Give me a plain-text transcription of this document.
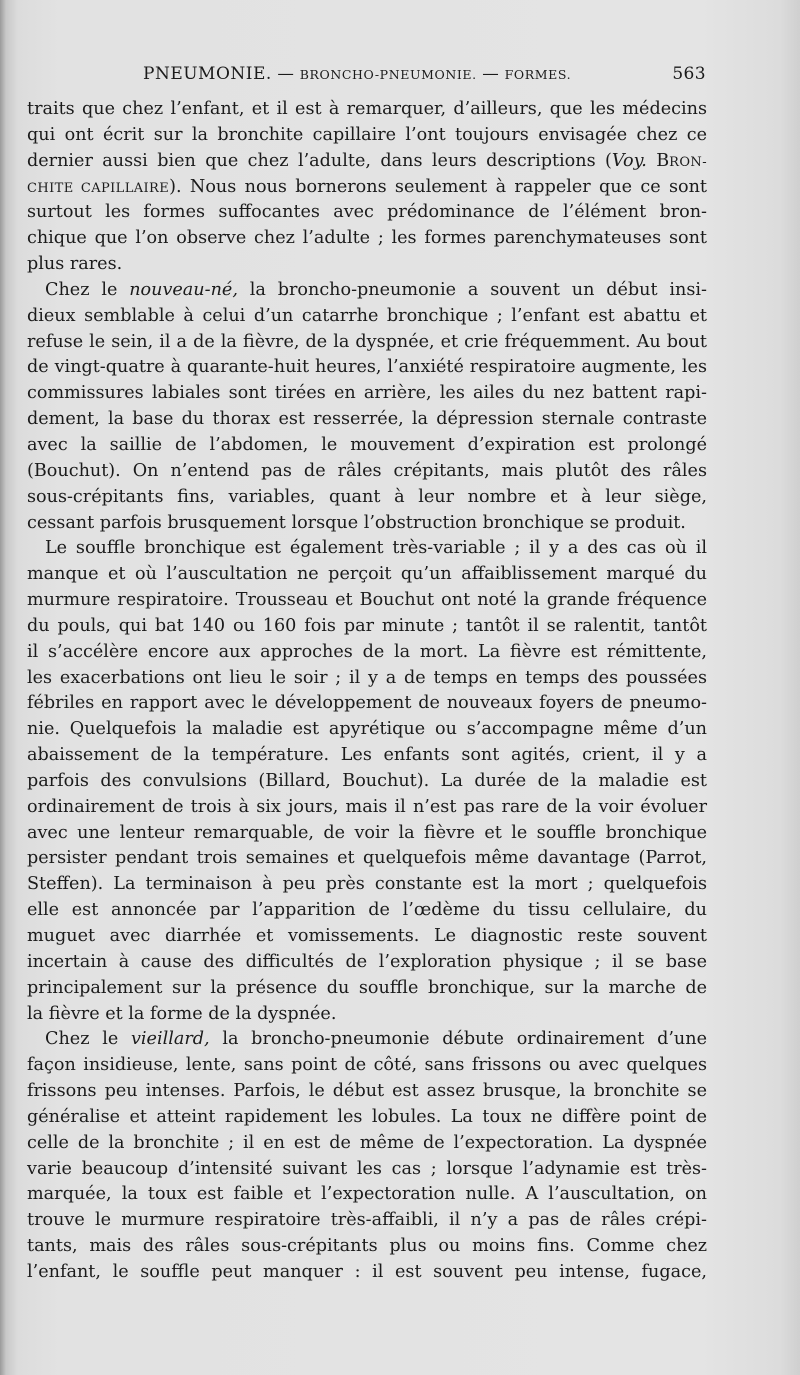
PNEUMONIE. — BRONCHO-PNEUMONIE. — FORMES.	563
traits que chez l’enfant, et il est à remarquer, d’ailleurs, que les médecins
qui ont écrit sur la bronchite capillaire l’ont toujours envisagée chez ce
dernier aussi bien que chez l’adulte, dans leurs descriptions (Voy. BRON-
CHITE CAPILLAIRE). Nous nous bornerons seulement à rappeler que ce sont
surtout les formes suffocantes avec prédominance de l’élément bron-
chique que l’on observe chez l’adulte ; les formes parenchymateuses sont
plus rares.
Chez le nouveau-né, la broncho-pneumonie a souvent un début insi-
dieux semblable à celui d’un catarrhe bronchique ; l’enfant est abattu et
refuse le sein, il a de la fièvre, de la dyspnée, et crie fréquemment. Au bout
de vingt-quatre à quarante-huit heures, l’anxiété respiratoire augmente, les
commissures labiales sont tirées en arrière, les ailes du nez battent rapi-
dement, la base du thorax est resserrée, la dépression sternale contraste
avec la saillie de l’abdomen, le mouvement d’expiration est prolongé
(Bouchut). On n’entend pas de râles crépitants, mais plutôt des râles
sous-crépitants fins, variables, quant à leur nombre et à leur siège,
cessant parfois brusquement lorsque l’obstruction bronchique se produit.
Le souffle bronchique est également très-variable ; il y a des cas où il
manque et où l’auscultation ne perçoit qu’un affaiblissement marqué du
murmure respiratoire. Trousseau et Bouchut ont noté la grande fréquence
du pouls, qui bat 140 ou 160 fois par minute ; tantôt il se ralentit, tantôt
il s’accélère encore aux approches de la mort. La fièvre est rémittente,
les exacerbations ont lieu le soir ; il y a de temps en temps des poussées
fébriles en rapport avec le développement de nouveaux foyers de pneumo-
nie. Quelquefois la maladie est apyrétique ou s’accompagne même d’un
abaissement de la température. Les enfants sont agités, crient, il y a
parfois des convulsions (Billard, Bouchut). La durée de la maladie est
ordinairement de trois à six jours, mais il n’est pas rare de la voir évoluer
avec une lenteur remarquable, de voir la fièvre et le souffle bronchique
persister pendant trois semaines et quelquefois même davantage (Parrot,
Steffen). La terminaison à peu près constante est la mort ; quelquefois
elle est annoncée par l’apparition de l’œdème du tissu cellulaire, du
muguet avec diarrhée et vomissements. Le diagnostic reste souvent
incertain à cause des difficultés de l’exploration physique ; il se base
principalement sur la présence du souffle bronchique, sur la marche de
la fièvre et la forme de la dyspnée.
Chez le vieillard, la broncho-pneumonie débute ordinairement d’une
façon insidieuse, lente, sans point de côté, sans frissons ou avec quelques
frissons peu intenses. Parfois, le début est assez brusque, la bronchite se
généralise et atteint rapidement les lobules. La toux ne diffère point de
celle de la bronchite ; il en est de même de l’expectoration. La dyspnée
varie beaucoup d’intensité suivant les cas ; lorsque l’adynamie est très-
marquée, la toux est faible et l’expectoration nulle. A l’auscultation, on
trouve le murmure respiratoire très-affaibli, il n’y a pas de râles crépi-
tants, mais des râles sous-crépitants plus ou moins fins. Comme chez
l’enfant, le souffle peut manquer : il est souvent peu intense, fugace,
